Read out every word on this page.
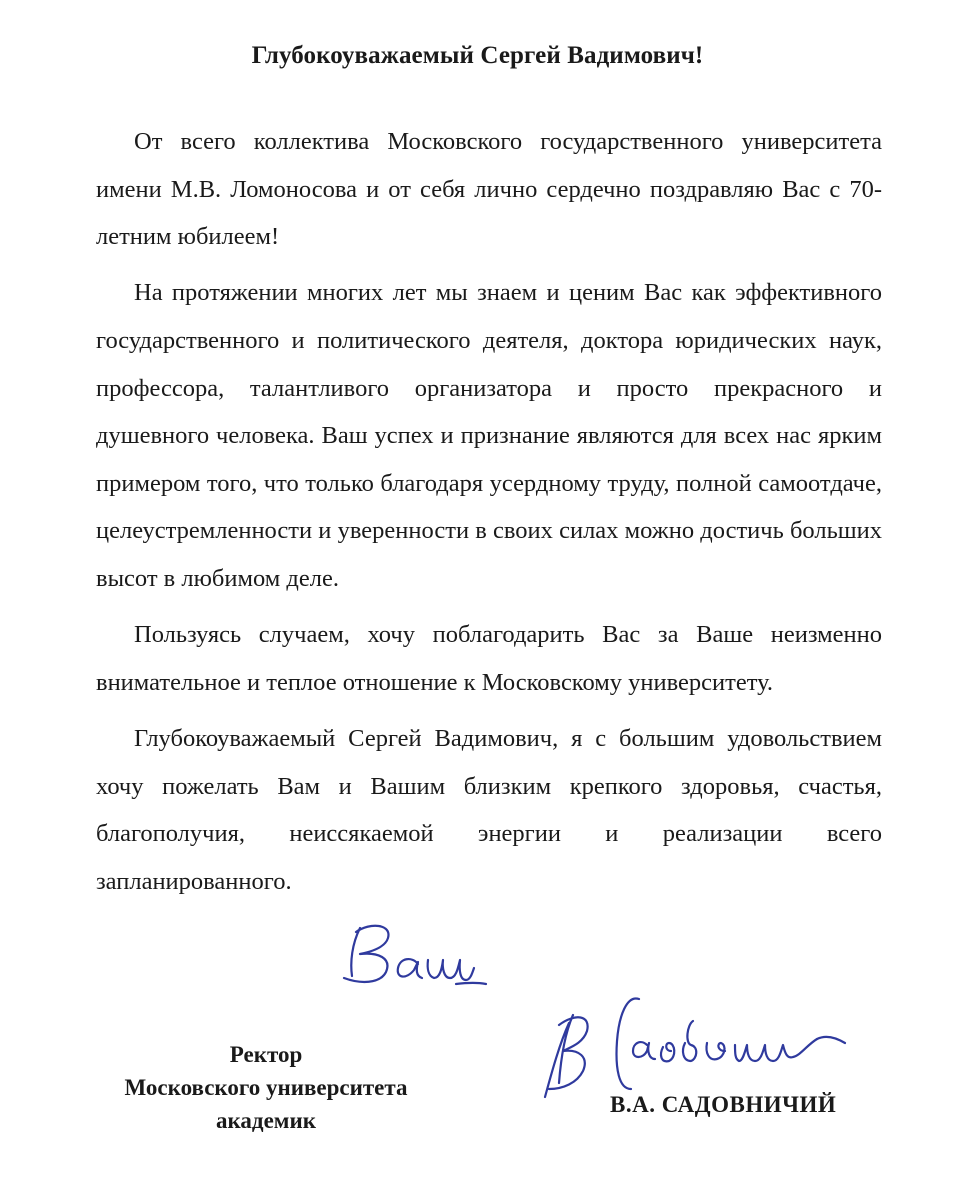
Глубокоуважаемый Сергей Вадимович!

От всего коллектива Московского государственного университета имени М.В. Ломоносова и от себя лично сердечно поздравляю Вас с 70-летним юбилеем!

На протяжении многих лет мы знаем и ценим Вас как эффективного государственного и политического деятеля, доктора юридических наук, профессора, талантливого организатора и просто прекрасного и душевного человека. Ваш успех и признание являются для всех нас ярким примером того, что только благодаря усердному труду, полной самоотдаче, целеустремленности и уверенности в своих силах можно достичь больших высот в любимом деле.

Пользуясь случаем, хочу поблагодарить Вас за Ваше неизменно внимательное и теплое отношение к Московскому университету.

Глубокоуважаемый Сергей Вадимович, я с большим удовольствием хочу пожелать Вам и Вашим близким крепкого здоровья, счастья, благополучия, неиссякаемой энергии и реализации всего запланированного.

Ректор
Московского университета
академик

В.А. САДОВНИЧИЙ
